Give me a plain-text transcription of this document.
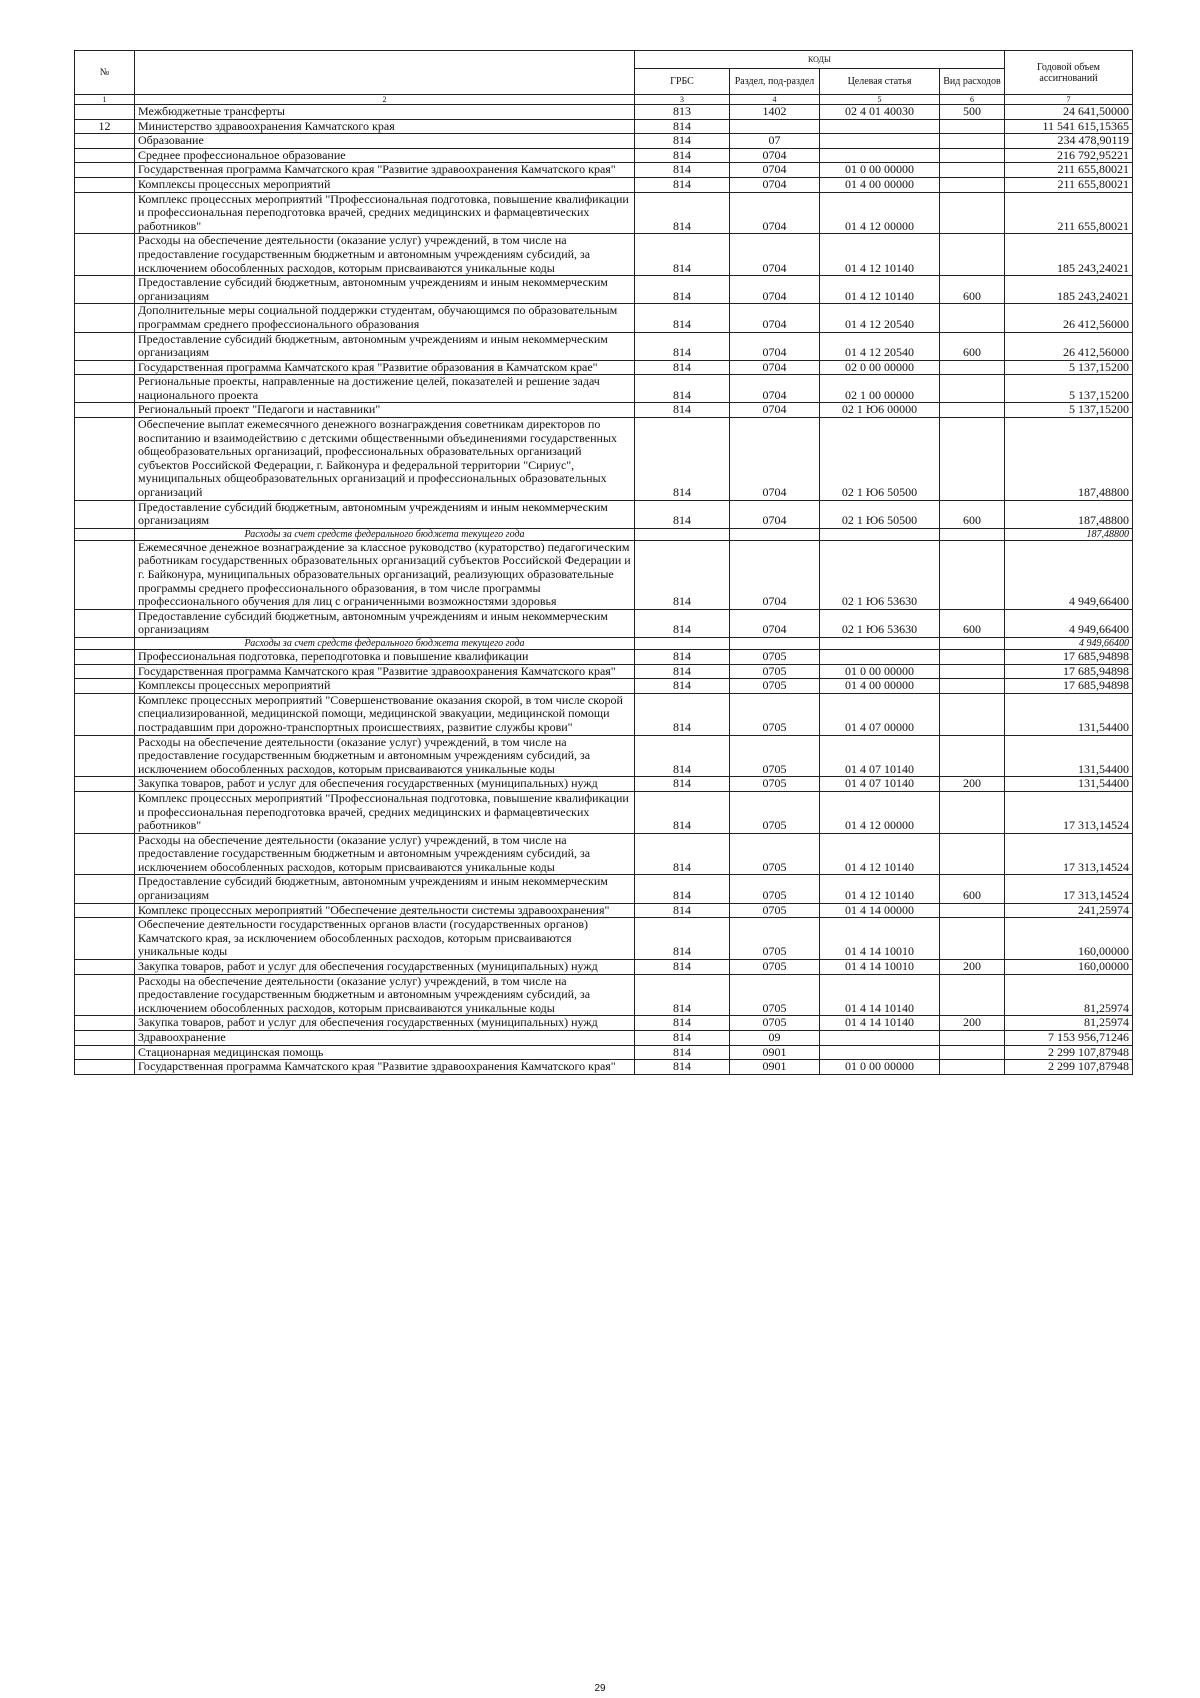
№		КОДЫ				Годовой объем ассигнований
		ГРБС	Раздел, под-раздел	Целевая статья	Вид расходов	
1	2	3	4	5	6	7
	Межбюджетные трансферты	813	1402	02 4 01 40030	500	24 641,50000
12	Министерство здравоохранения Камчатского края	814				11 541 615,15365
	Образование	814	07			234 478,90119
	Среднее профессиональное образование	814	0704			216 792,95221
	Государственная программа Камчатского края "Развитие здравоохранения Камчатского края"	814	0704	01 0 00 00000		211 655,80021
	Комплексы процессных мероприятий	814	0704	01 4 00 00000		211 655,80021
	Комплекс процессных мероприятий "Профессиональная подготовка, повышение квалификации и профессиональная переподготовка врачей, средних медицинских и фармацевтических работников"	814	0704	01 4 12 00000		211 655,80021
	Расходы на обеспечение деятельности (оказание услуг) учреждений, в том числе на предоставление государственным бюджетным и автономным учреждениям субсидий, за исключением обособленных расходов, которым присваиваются уникальные коды	814	0704	01 4 12 10140		185 243,24021
	Предоставление субсидий бюджетным, автономным учреждениям и иным некоммерческим организациям	814	0704	01 4 12 10140	600	185 243,24021
	Дополнительные меры социальной поддержки студентам, обучающимся по образовательным программам среднего профессионального образования	814	0704	01 4 12 20540		26 412,56000
	Предоставление субсидий бюджетным, автономным учреждениям и иным некоммерческим организациям	814	0704	01 4 12 20540	600	26 412,56000
	Государственная программа Камчатского края "Развитие образования в Камчатском крае"	814	0704	02 0 00 00000		5 137,15200
	Региональные проекты, направленные на достижение целей, показателей и решение задач национального проекта	814	0704	02 1 00 00000		5 137,15200
	Региональный проект "Педагоги и наставники"	814	0704	02 1 Ю6 00000		5 137,15200
	Обеспечение выплат ежемесячного денежного вознаграждения советникам директоров по воспитанию и взаимодействию с детскими общественными объединениями государственных общеобразовательных организаций, профессиональных образовательных организаций субъектов Российской Федерации, г. Байконура и федеральной территории "Сириус", муниципальных общеобразовательных организаций и профессиональных образовательных организаций	814	0704	02 1 Ю6 50500		187,48800
	Предоставление субсидий бюджетным, автономным учреждениям и иным некоммерческим организациям	814	0704	02 1 Ю6 50500	600	187,48800
	Расходы за счет средств федерального бюджета текущего года					187,48800
	Ежемесячное денежное вознаграждение за классное руководство (кураторство) педагогическим работникам государственных образовательных организаций субъектов Российской Федерации и г. Байконура, муниципальных образовательных организаций, реализующих образовательные программы среднего профессионального образования, в том числе программы профессионального обучения для лиц с ограниченными возможностями здоровья	814	0704	02 1 Ю6 53630		4 949,66400
	Предоставление субсидий бюджетным, автономным учреждениям и иным некоммерческим организациям	814	0704	02 1 Ю6 53630	600	4 949,66400
	Расходы за счет средств федерального бюджета текущего года					4 949,66400
	Профессиональная подготовка, переподготовка и повышение квалификации	814	0705			17 685,94898
	Государственная программа Камчатского края "Развитие здравоохранения Камчатского края"	814	0705	01 0 00 00000		17 685,94898
	Комплексы процессных мероприятий	814	0705	01 4 00 00000		17 685,94898
	Комплекс процессных мероприятий "Совершенствование оказания скорой, в том числе скорой специализированной, медицинской помощи, медицинской эвакуации, медицинской помощи пострадавшим при дорожно-транспортных происшествиях, развитие службы крови"	814	0705	01 4 07 00000		131,54400
	Расходы на обеспечение деятельности (оказание услуг) учреждений, в том числе на предоставление государственным бюджетным и автономным учреждениям субсидий, за исключением обособленных расходов, которым присваиваются уникальные коды	814	0705	01 4 07 10140		131,54400
	Закупка товаров, работ и услуг для обеспечения государственных (муниципальных) нужд	814	0705	01 4 07 10140	200	131,54400
	Комплекс процессных мероприятий "Профессиональная подготовка, повышение квалификации и профессиональная переподготовка врачей, средних медицинских и фармацевтических работников"	814	0705	01 4 12 00000		17 313,14524
	Расходы на обеспечение деятельности (оказание услуг) учреждений, в том числе на предоставление государственным бюджетным и автономным учреждениям субсидий, за исключением обособленных расходов, которым присваиваются уникальные коды	814	0705	01 4 12 10140		17 313,14524
	Предоставление субсидий бюджетным, автономным учреждениям и иным некоммерческим организациям	814	0705	01 4 12 10140	600	17 313,14524
	Комплекс процессных мероприятий "Обеспечение деятельности системы здравоохранения"	814	0705	01 4 14 00000		241,25974
	Обеспечение деятельности государственных органов власти (государственных органов) Камчатского края, за исключением обособленных расходов, которым присваиваются уникальные коды	814	0705	01 4 14 10010		160,00000
	Закупка товаров, работ и услуг для обеспечения государственных (муниципальных) нужд	814	0705	01 4 14 10010	200	160,00000
	Расходы на обеспечение деятельности (оказание услуг) учреждений, в том числе на предоставление государственным бюджетным и автономным учреждениям субсидий, за исключением обособленных расходов, которым присваиваются уникальные коды	814	0705	01 4 14 10140		81,25974
	Закупка товаров, работ и услуг для обеспечения государственных (муниципальных) нужд	814	0705	01 4 14 10140	200	81,25974
	Здравоохранение	814	09			7 153 956,71246
	Стационарная медицинская помощь	814	0901			2 299 107,87948
	Государственная программа Камчатского края "Развитие здравоохранения Камчатского края"	814	0901	01 0 00 00000		2 299 107,87948
29
